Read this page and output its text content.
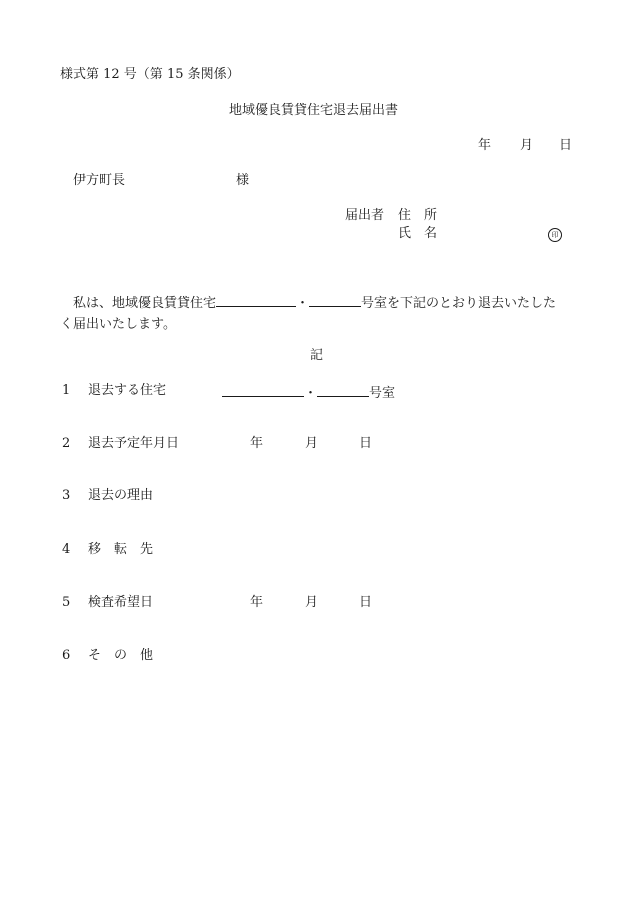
様式第 12 号（第 15 条関係）
地域優良賃貸住宅退去届出書
年 月 日
伊方町長	様
届出者 住　所
氏　名	印
私は、地域優良賃貸住宅	・	号室を下記のとおり退去いたした
く届出いたします。
記
1 退去する住宅	・	号室
2 退去予定年月日	年	月	日
3 退去の理由
4 移　転　先
5 検査希望日	年	月	日
6 そ　の　他
